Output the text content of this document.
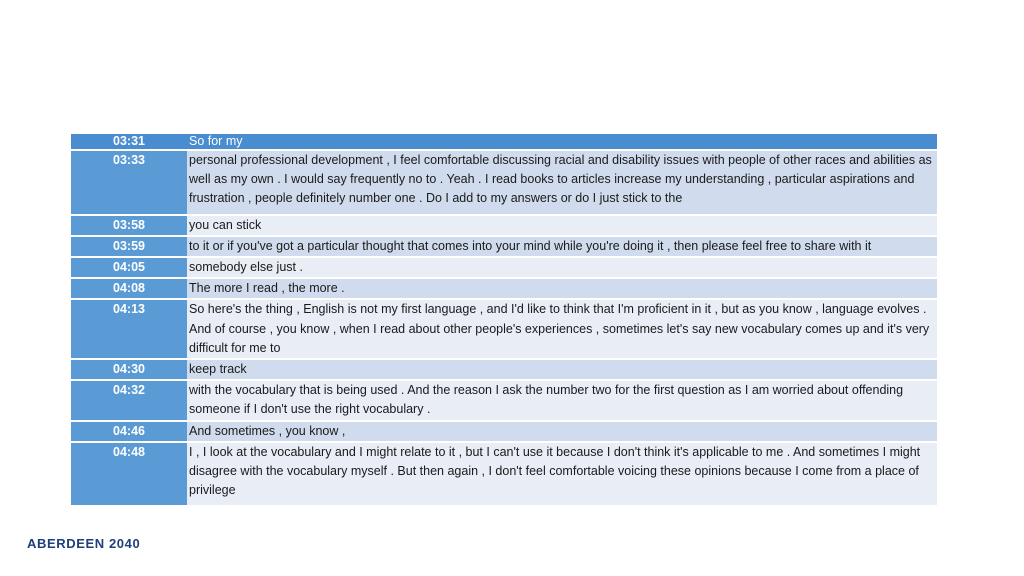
03:31	So for my
03:33	personal professional development , I feel comfortable discussing racial and disability issues with people of other races and abilities as well as my own . I would say frequently no to . Yeah . I read books to articles increase my understanding , particular aspirations and frustration , people definitely number one . Do I add to my answers or do I just stick to the
03:58	you can stick
03:59	to it or if you've got a particular thought that comes into your mind while you're doing it , then please feel free to share with it
04:05	somebody else just .
04:08	The more I read , the more .
04:13	So here's the thing , English is not my first language , and I'd like to think that I'm proficient in it , but as you know , language evolves . And of course , you know , when I read about other people's experiences , sometimes let's say new vocabulary comes up and it's very difficult for me to
04:30	keep track
04:32	with the vocabulary that is being used . And the reason I ask the number two for the first question as I am worried about offending someone if I don't use the right vocabulary .
04:46	And sometimes , you know ,
04:48	I , I look at the vocabulary and I might relate to it , but I can't use it because I don't think it's applicable to me . And sometimes I might disagree with the vocabulary myself . But then again , I don't feel comfortable voicing these opinions because I come from a place of privilege
ABERDEEN 2040
